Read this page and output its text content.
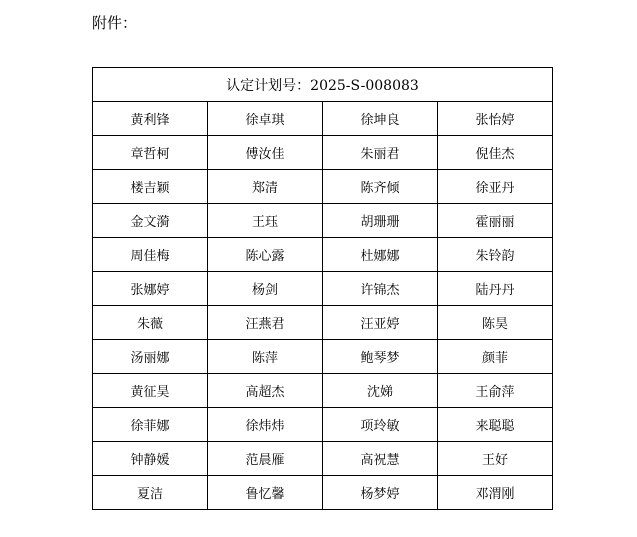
附件：
认定计划号：2025-S-008083			
黄利锋	徐卓琪	徐坤良	张怡婷
章哲柯	傅汝佳	朱丽君	倪佳杰
楼吉颖	郑清	陈齐倾	徐亚丹
金文漪	王珏	胡珊珊	霍丽丽
周佳梅	陈心露	杜娜娜	朱铃韵
张娜婷	杨剑	许锦杰	陆丹丹
朱薇	汪燕君	汪亚婷	陈昊
汤丽娜	陈萍	鲍琴梦	颜菲
黄征昊	高超杰	沈娣	王俞萍
徐菲娜	徐炜炜	项玲敏	来聪聪
钟静媛	范晨雁	高祝慧	王好
夏洁	鲁忆馨	杨梦婷	邓渭刚
